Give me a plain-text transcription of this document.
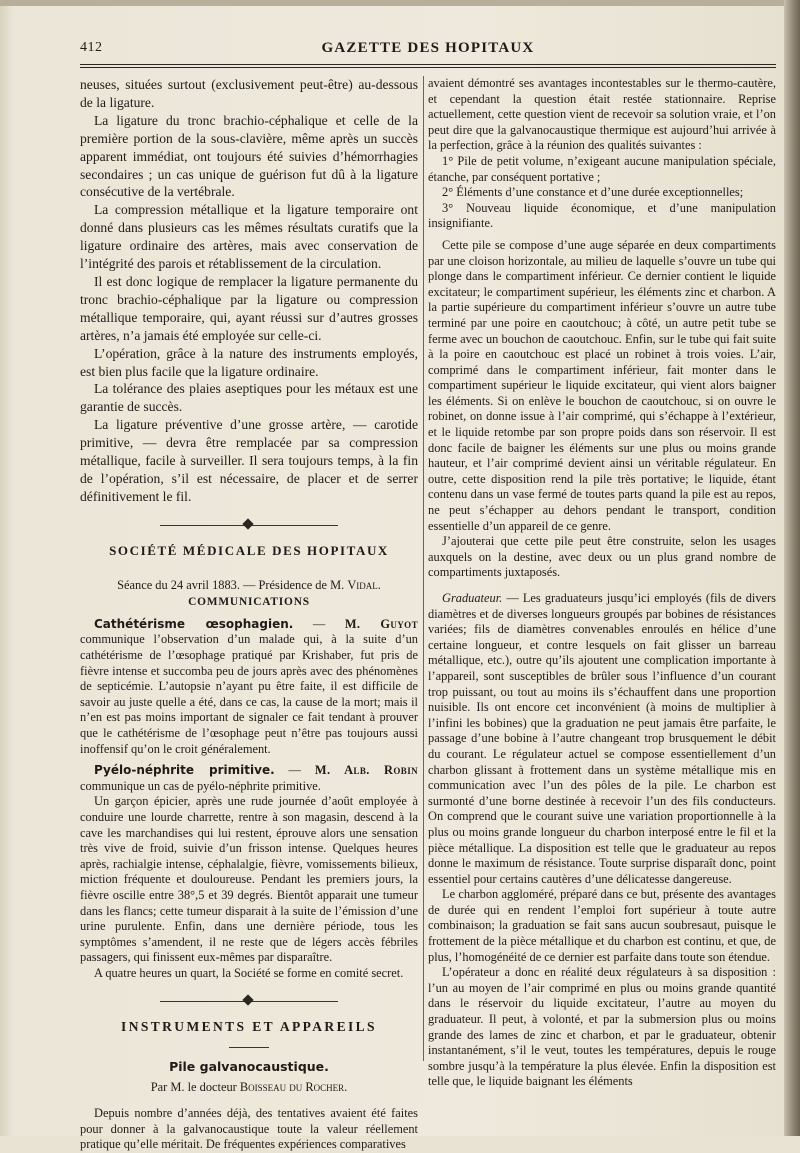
GAZETTE DES HOPITAUX
412

neuses, situées surtout (exclusivement peut-être) au-dessous de la ligature.

La ligature du tronc brachio-céphalique et celle de la première portion de la sous-clavière, même après un succès apparent immédiat, ont toujours été suivies d’hémorrhagies secondaires ; un cas unique de guérison fut dû à la ligature consécutive de la vertébrale.

La compression métallique et la ligature temporaire ont donné dans plusieurs cas les mêmes résultats curatifs que la ligature ordinaire des artères, mais avec conservation de l’intégrité des parois et rétablissement de la circulation.

Il est donc logique de remplacer la ligature permanente du tronc brachio-céphalique par la ligature ou compression métallique temporaire, qui, ayant réussi sur d’autres grosses artères, n’a jamais été employée sur celle-ci.

L’opération, grâce à la nature des instruments employés, est bien plus facile que la ligature ordinaire.

La tolérance des plaies aseptiques pour les métaux est une garantie de succès.

La ligature préventive d’une grosse artère, — carotide primitive, — devra être remplacée par sa compression métallique, facile à surveiller. Il sera toujours temps, à la fin de l’opération, s’il est nécessaire, de placer et de serrer définitivement le fil.

SOCIÉTÉ MÉDICALE DES HOPITAUX

Séance du 24 avril 1883. — Présidence de M. Vidal.

COMMUNICATIONS

Cathétérisme œsophagien. — M. Guyot communique l’observation d’un malade qui, à la suite d’un cathétérisme de l’œsophage pratiqué par Krishaber, fut pris de fièvre intense et succomba peu de jours après avec des phénomènes de septicémie. L’autopsie n’ayant pu être faite, il est difficile de savoir au juste quelle a été, dans ce cas, la cause de la mort; mais il n’en est pas moins important de signaler ce fait tendant à prouver que le cathétérisme de l’œsophage peut n’être pas toujours aussi inoffensif qu’on le croit généralement.

Pyélo-néphrite primitive. — M. Alb. Robin communique un cas de pyélo-néphrite primitive.

Un garçon épicier, après une rude journée d’août employée à conduire une lourde charrette, rentre à son magasin, descend à la cave les marchandises qui lui restent, éprouve alors une sensation très vive de froid, suivie d’un frisson intense. Quelques heures après, rachialgie intense, céphalalgie, fièvre, vomissements bilieux, miction fréquente et douloureuse. Pendant les premiers jours, la fièvre oscille entre 38°,5 et 39 degrés. Bientôt apparait une tumeur dans les flancs; cette tumeur disparait à la suite de l’émission d’une urine purulente. Enfin, dans une dernière période, tous les symptômes s’amendent, il ne reste que de légers accès fébriles passagers, qui finissent eux-mêmes par disparaître.

A quatre heures un quart, la Société se forme en comité secret.

INSTRUMENTS ET APPAREILS
Pile galvanocaustique.

Par M. le docteur Boisseau du Rocher.

Depuis nombre d’années déjà, des tentatives avaient été faites pour donner à la galvanocaustique toute la valeur réellement pratique qu’elle méritait. De fréquentes expériences comparatives

avaient démontré ses avantages incontestables sur le thermo-cautère, et cependant la question était restée stationnaire. Reprise actuellement, cette question vient de recevoir sa solution vraie, et l’on peut dire que la galvanocaustique thermique est aujourd’hui arrivée à la perfection, grâce à la réunion des qualités suivantes :

1° Pile de petit volume, n’exigeant aucune manipulation spéciale, étanche, par conséquent portative ;

2° Éléments d’une constance et d’une durée exceptionnelles;

3° Nouveau liquide économique, et d’une manipulation insignifiante.

Cette pile se compose d’une auge séparée en deux compartiments par une cloison horizontale, au milieu de laquelle s’ouvre un tube qui plonge dans le compartiment inférieur. Ce dernier contient le liquide excitateur; le compartiment supérieur, les éléments zinc et charbon. A la partie supérieure du compartiment inférieur s’ouvre un autre tube terminé par une poire en caoutchouc; à côté, un autre petit tube se ferme avec un bouchon de caoutchouc. Enfin, sur le tube qui fait suite à la poire en caoutchouc est placé un robinet à trois voies. L’air, comprimé dans le compartiment inférieur, fait monter dans le compartiment supérieur le liquide excitateur, qui vient alors baigner les éléments. Si on enlève le bouchon de caoutchouc, si on ouvre le robinet, on donne issue à l’air comprimé, qui s’échappe à l’extérieur, et le liquide retombe par son propre poids dans son réservoir. Il est donc facile de baigner les éléments sur une plus ou moins grande hauteur, et l’air comprimé devient ainsi un véritable régulateur. En outre, cette disposition rend la pile très portative; le liquide, étant contenu dans un vase fermé de toutes parts quand la pile est au repos, ne peut s’échapper au dehors pendant le transport, condition essentielle d’un appareil de ce genre.

J’ajouterai que cette pile peut être construite, selon les usages auxquels on la destine, avec deux ou un plus grand nombre de compartiments juxtaposés.

Graduateur. — Les graduateurs jusqu’ici employés (fils de divers diamètres et de diverses longueurs groupés par bobines de résistances variées; fils de diamètres convenables enroulés en hélice d’une certaine longueur, et contre lesquels on fait glisser un barreau métallique, etc.), outre qu’ils ajoutent une complication importante à l’appareil, sont susceptibles de brûler sous l’influence d’un courant trop puissant, ou tout au moins ils s’échauffent dans une proportion nuisible. Ils ont encore cet inconvénient (à moins de multiplier à l’infini les bobines) que la graduation ne peut jamais être parfaite, le passage d’une bobine à l’autre changeant trop brusquement le débit du courant. Le régulateur actuel se compose essentiellement d’un charbon glissant à frottement dans un système métallique mis en communication avec l’un des pôles de la pile. Le charbon est surmonté d’une borne destinée à recevoir l’un des fils conducteurs. On comprend que le courant suive une variation proportionnelle à la plus ou moins grande longueur du charbon interposé entre le fil et la pièce métallique. La disposition est telle que le graduateur au repos donne le maximum de résistance. Toute surprise disparaît donc, point essentiel pour certains cautères d’une délicatesse dangereuse.

Le charbon aggloméré, préparé dans ce but, présente des avantages de durée qui en rendent l’emploi fort supérieur à toute autre combinaison; la graduation se fait sans aucun soubresaut, puisque le frottement de la pièce métallique et du charbon est continu, et que, de plus, l’homogénéité de ce dernier est parfaite dans toute son étendue.

L’opérateur a donc en réalité deux régulateurs à sa disposition : l’un au moyen de l’air comprimé en plus ou moins grande quantité dans le réservoir du liquide excitateur, l’autre au moyen du graduateur. Il peut, à volonté, et par la submersion plus ou moins grande des lames de zinc et charbon, et par le graduateur, obtenir instantanément, s’il le veut, toutes les températures, depuis le rouge sombre jusqu’à la température la plus élevée. Enfin la disposition est telle que, le liquide baignant les éléments
